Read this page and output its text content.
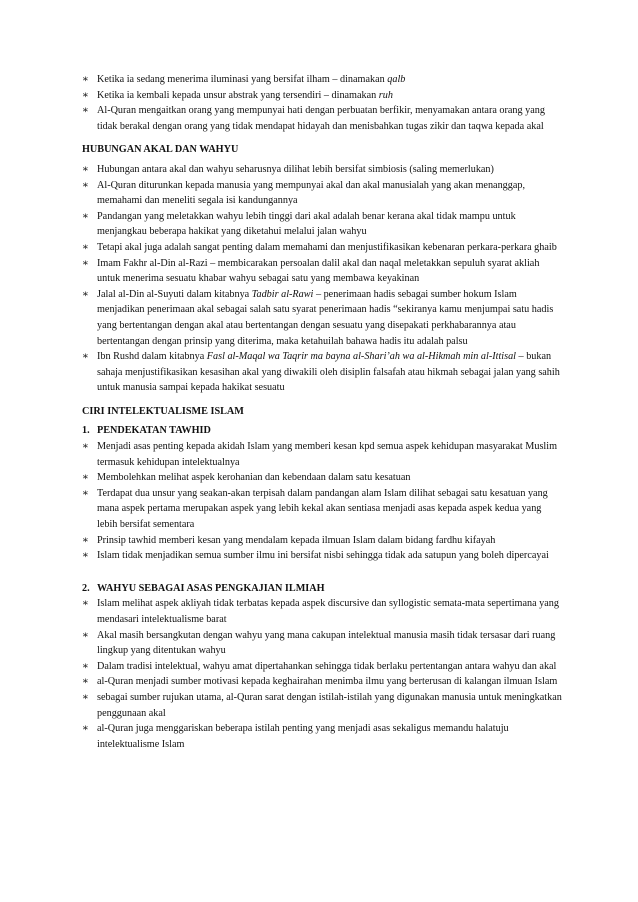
∗ Ketika ia sedang menerima iluminasi yang bersifat ilham – dinamakan qalb
∗ Ketika ia kembali kepada unsur abstrak yang tersendiri – dinamakan ruh
∗ Al-Quran mengaitkan orang yang mempunyai hati dengan perbuatan berfikir, menyamakan antara orang yang tidak berakal dengan orang yang tidak mendapat hidayah dan menisbahkan tugas zikir dan taqwa kepada akal
HUBUNGAN AKAL DAN WAHYU
∗ Hubungan antara akal dan wahyu seharusnya dilihat lebih bersifat simbiosis (saling memerlukan)
∗ Al-Quran diturunkan kepada manusia yang mempunyai akal dan akal manusialah yang akan menanggap, memahami dan meneliti segala isi kandungannya
∗ Pandangan yang meletakkan wahyu lebih tinggi dari akal adalah benar kerana akal tidak mampu untuk menjangkau beberapa hakikat yang diketahui melalui jalan wahyu
∗ Tetapi akal juga adalah sangat penting dalam memahami dan menjustifikasikan kebenaran perkara-perkara ghaib
∗ Imam Fakhr al-Din al-Razi – membicarakan persoalan dalil akal dan naqal meletakkan sepuluh syarat akliah untuk menerima sesuatu khabar wahyu sebagai satu yang membawa keyakinan
∗ Jalal al-Din al-Suyuti dalam kitabnya Tadbir al-Rawi – penerimaan hadis sebagai sumber hokum Islam menjadikan penerimaan akal sebagai salah satu syarat penerimaan hadis “sekiranya kamu menjumpai satu hadis yang bertentangan dengan akal atau bertentangan dengan sesuatu yang disepakati perkhabarannya atau bertentangan dengan prinsip yang diterima, maka ketahuilah bahawa hadis itu adalah palsu
∗ Ibn Rushd dalam kitabnya Fasl al-Maqal wa Taqrir ma bayna al-Shari’ah wa al-Hikmah min al-Ittisal – bukan sahaja menjustifikasikan kesasihan akal yang diwakili oleh disiplin falsafah atau hikmah sebagai jalan yang sahih untuk manusia sampai kepada hakikat sesuatu
CIRI INTELEKTUALISME ISLAM
1. PENDEKATAN TAWHID
∗ Menjadi asas penting kepada akidah Islam yang memberi kesan kpd semua aspek kehidupan masyarakat Muslim termasuk kehidupan intelektualnya
∗ Membolehkan melihat aspek kerohanian dan kebendaan dalam satu kesatuan
∗ Terdapat dua unsur yang seakan-akan terpisah dalam pandangan alam Islam dilihat sebagai satu kesatuan yang mana aspek pertama merupakan aspek yang lebih kekal akan sentiasa menjadi asas kepada aspek kedua yang lebih bersifat sementara
∗ Prinsip tawhid memberi kesan yang mendalam kepada ilmuan Islam dalam bidang fardhu kifayah
∗ Islam tidak menjadikan semua sumber ilmu ini bersifat nisbi sehingga tidak ada satupun yang boleh dipercayai
2. WAHYU SEBAGAI ASAS PENGKAJIAN ILMIAH
∗ Islam melihat aspek akliyah tidak terbatas kepada aspek discursive dan syllogistic semata-mata sepertimana yang mendasari intelektualisme barat
∗ Akal masih bersangkutan dengan wahyu yang mana cakupan intelektual manusia masih tidak tersasar dari ruang lingkup yang ditentukan wahyu
∗ Dalam tradisi intelektual, wahyu amat dipertahankan sehingga tidak berlaku pertentangan antara wahyu dan akal
∗ al-Quran menjadi sumber motivasi kepada keghairahan menimba ilmu yang berterusan di kalangan ilmuan Islam
∗ sebagai sumber rujukan utama, al-Quran sarat dengan istilah-istilah yang digunakan manusia untuk meningkatkan penggunaan akal
∗ al-Quran juga menggariskan beberapa istilah penting yang menjadi asas sekaligus memandu halatuju intelektualisme Islam
